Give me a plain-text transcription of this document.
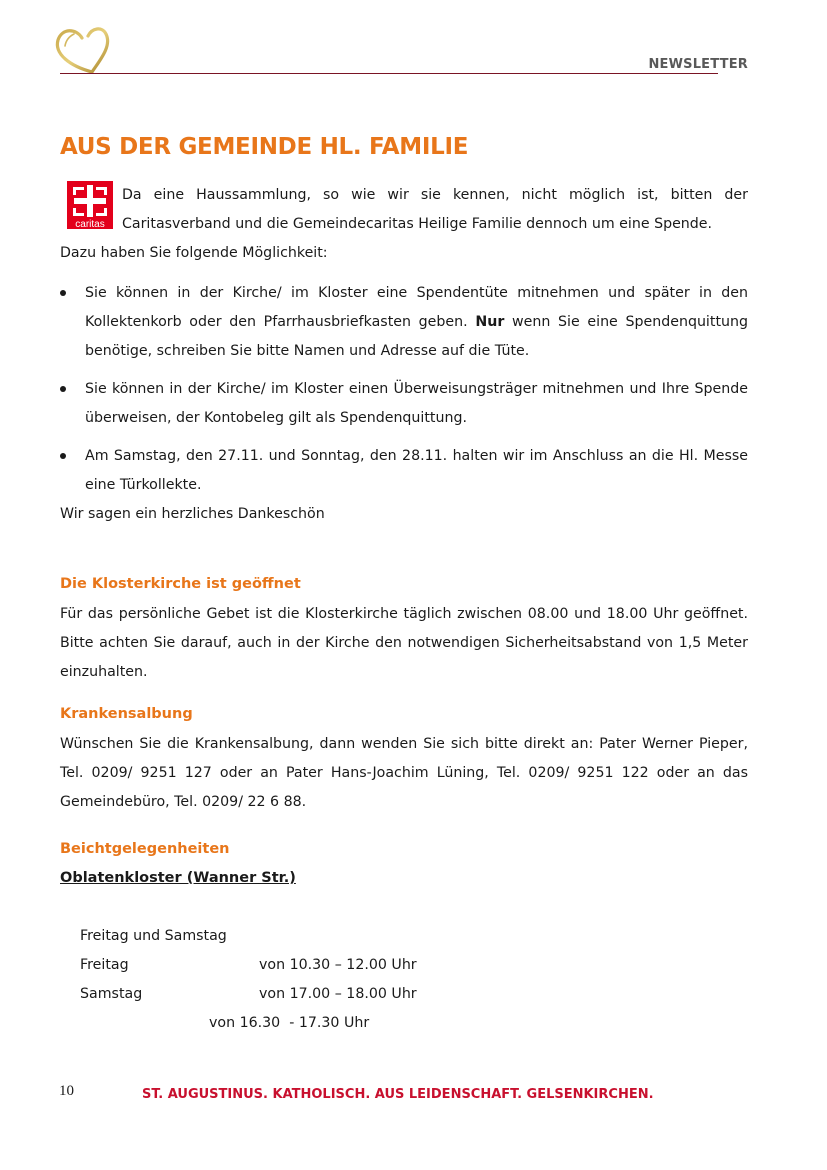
NEWSLETTER
AUS DER GEMEINDE HL. FAMILIE
caritas
Da eine Haussammlung, so wie wir sie kennen, nicht möglich ist, bitten der Caritasverband und die Gemeindecaritas Heilige Familie dennoch um eine Spende.
Dazu haben Sie folgende Möglichkeit:
Sie können in der Kirche/ im Kloster eine Spendentüte mitnehmen und später in den Kollektenkorb oder den Pfarrhausbriefkasten geben. Nur wenn Sie eine Spendenquittung benötige, schreiben Sie bitte Namen und Adresse auf die Tüte.
Sie können in der Kirche/ im Kloster einen Überweisungsträger mitnehmen und Ihre Spende überweisen, der Kontobeleg gilt als Spendenquittung.
Am Samstag, den 27.11. und Sonntag, den 28.11. halten wir im Anschluss an die Hl. Messe eine Türkollekte.
Wir sagen ein herzliches Dankeschön
Die Klosterkirche ist geöffnet
Für das persönliche Gebet ist die Klosterkirche täglich zwischen 08.00 und 18.00 Uhr geöffnet. Bitte achten Sie darauf, auch in der Kirche den notwendigen Sicherheitsabstand von 1,5 Meter einzuhalten.
Krankensalbung
Wünschen Sie die Krankensalbung, dann wenden Sie sich bitte direkt an: Pater Werner Pieper, Tel. 0209/ 9251 127 oder an Pater Hans-Joachim Lüning, Tel. 0209/ 9251 122 oder an das Gemeindebüro, Tel. 0209/ 22 6 88.
Beichtgelegenheiten
Oblatenkloster (Wanner Str.)

Freitag und Samstag

von 10.30 – 12.00 Uhr

Freitag

von 17.00 – 18.00 Uhr

Samstag

von 16.30  - 17.30 Uhr

10	ST. AUGUSTINUS. KATHOLISCH. AUS LEIDENSCHAFT. GELSENKIRCHEN.
